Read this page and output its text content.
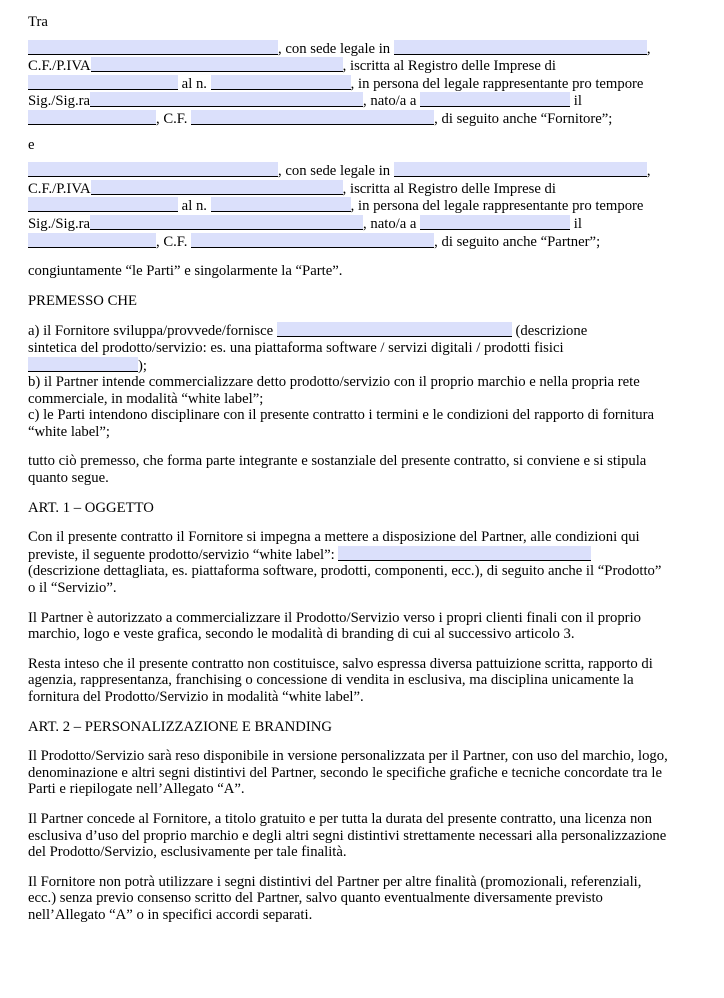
Tra

, con sede legale in	,
C.F./P.IVA	, iscritta al Registro delle Imprese di
al n.	, in persona del legale rappresentante pro tempore
Sig./Sig.ra	, nato/a a	il
, C.F.	, di seguito anche “Fornitore”;

e

, con sede legale in	,
C.F./P.IVA	, iscritta al Registro delle Imprese di
al n.	, in persona del legale rappresentante pro tempore
Sig./Sig.ra	, nato/a a	il
, C.F.	, di seguito anche “Partner”;

congiuntamente “le Parti” e singolarmente la “Parte”.

PREMESSO CHE

a) il Fornitore sviluppa/provvede/fornisce	(descrizione
sintetica del prodotto/servizio: es. una piattaforma software / servizi digitali / prodotti fisici
);
b) il Partner intende commercializzare detto prodotto/servizio con il proprio marchio e nella propria rete commerciale, in modalità “white label”;
c) le Parti intendono disciplinare con il presente contratto i termini e le condizioni del rapporto di fornitura “white label”;

tutto ciò premesso, che forma parte integrante e sostanziale del presente contratto, si conviene e si stipula quanto segue.

ART. 1 – OGGETTO

Con il presente contratto il Fornitore si impegna a mettere a disposizione del Partner, alle condizioni qui previste, il seguente prodotto/servizio “white label”:
(descrizione dettagliata, es. piattaforma software, prodotti, componenti, ecc.), di seguito anche il “Prodotto” o il “Servizio”.

Il Partner è autorizzato a commercializzare il Prodotto/Servizio verso i propri clienti finali con il proprio marchio, logo e veste grafica, secondo le modalità di branding di cui al successivo articolo 3.

Resta inteso che il presente contratto non costituisce, salvo espressa diversa pattuizione scritta, rapporto di agenzia, rappresentanza, franchising o concessione di vendita in esclusiva, ma disciplina unicamente la fornitura del Prodotto/Servizio in modalità “white label”.

ART. 2 – PERSONALIZZAZIONE E BRANDING

Il Prodotto/Servizio sarà reso disponibile in versione personalizzata per il Partner, con uso del marchio, logo, denominazione e altri segni distintivi del Partner, secondo le specifiche grafiche e tecniche concordate tra le Parti e riepilogate nell’Allegato “A”.

Il Partner concede al Fornitore, a titolo gratuito e per tutta la durata del presente contratto, una licenza non esclusiva d’uso del proprio marchio e degli altri segni distintivi strettamente necessari alla personalizzazione del Prodotto/Servizio, esclusivamente per tale finalità.

Il Fornitore non potrà utilizzare i segni distintivi del Partner per altre finalità (promozionali, referenziali, ecc.) senza previo consenso scritto del Partner, salvo quanto eventualmente diversamente previsto nell’Allegato “A” o in specifici accordi separati.
